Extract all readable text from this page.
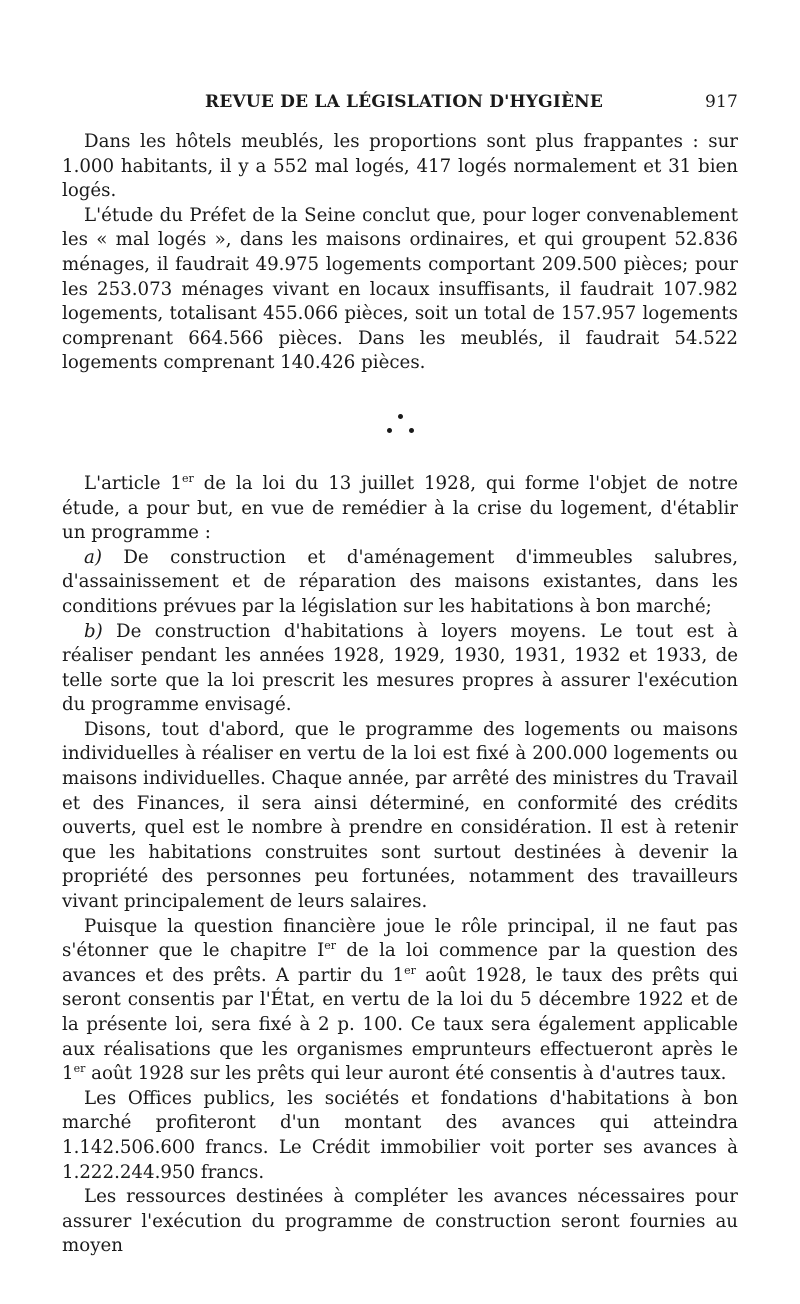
REVUE DE LA LÉGISLATION D'HYGIÈNE	917

Dans les hôtels meublés, les proportions sont plus frappantes : sur 1.000 habitants, il y a 552 mal logés, 417 logés normalement et 31 bien logés.

L'étude du Préfet de la Seine conclut que, pour loger convenablement les « mal logés », dans les maisons ordinaires, et qui groupent 52.836 ménages, il faudrait 49.975 logements comportant 209.500 pièces; pour les 253.073 ménages vivant en locaux insuffisants, il faudrait 107.982 logements, totalisant 455.066 pièces, soit un total de 157.957 logements comprenant 664.566 pièces. Dans les meublés, il faudrait 54.522 logements comprenant 140.426 pièces.

L'article 1er de la loi du 13 juillet 1928, qui forme l'objet de notre étude, a pour but, en vue de remédier à la crise du logement, d'établir un programme :

a) De construction et d'aménagement d'immeubles salubres, d'assainissement et de réparation des maisons existantes, dans les conditions prévues par la législation sur les habitations à bon marché;

b) De construction d'habitations à loyers moyens. Le tout est à réaliser pendant les années 1928, 1929, 1930, 1931, 1932 et 1933, de telle sorte que la loi prescrit les mesures propres à assurer l'exécution du programme envisagé.

Disons, tout d'abord, que le programme des logements ou maisons individuelles à réaliser en vertu de la loi est fixé à 200.000 logements ou maisons individuelles. Chaque année, par arrêté des ministres du Travail et des Finances, il sera ainsi déterminé, en conformité des crédits ouverts, quel est le nombre à prendre en considération. Il est à retenir que les habitations construites sont surtout destinées à devenir la propriété des personnes peu fortunées, notamment des travailleurs vivant principalement de leurs salaires.

Puisque la question financière joue le rôle principal, il ne faut pas s'étonner que le chapitre Ier de la loi commence par la question des avances et des prêts. A partir du 1er août 1928, le taux des prêts qui seront consentis par l'État, en vertu de la loi du 5 décembre 1922 et de la présente loi, sera fixé à 2 p. 100. Ce taux sera également applicable aux réalisations que les organismes emprunteurs effectueront après le 1er août 1928 sur les prêts qui leur auront été consentis à d'autres taux.

Les Offices publics, les sociétés et fondations d'habitations à bon marché profiteront d'un montant des avances qui atteindra 1.142.506.600 francs. Le Crédit immobilier voit porter ses avances à 1.222.244.950 francs.

Les ressources destinées à compléter les avances nécessaires pour assurer l'exécution du programme de construction seront fournies au moyen
